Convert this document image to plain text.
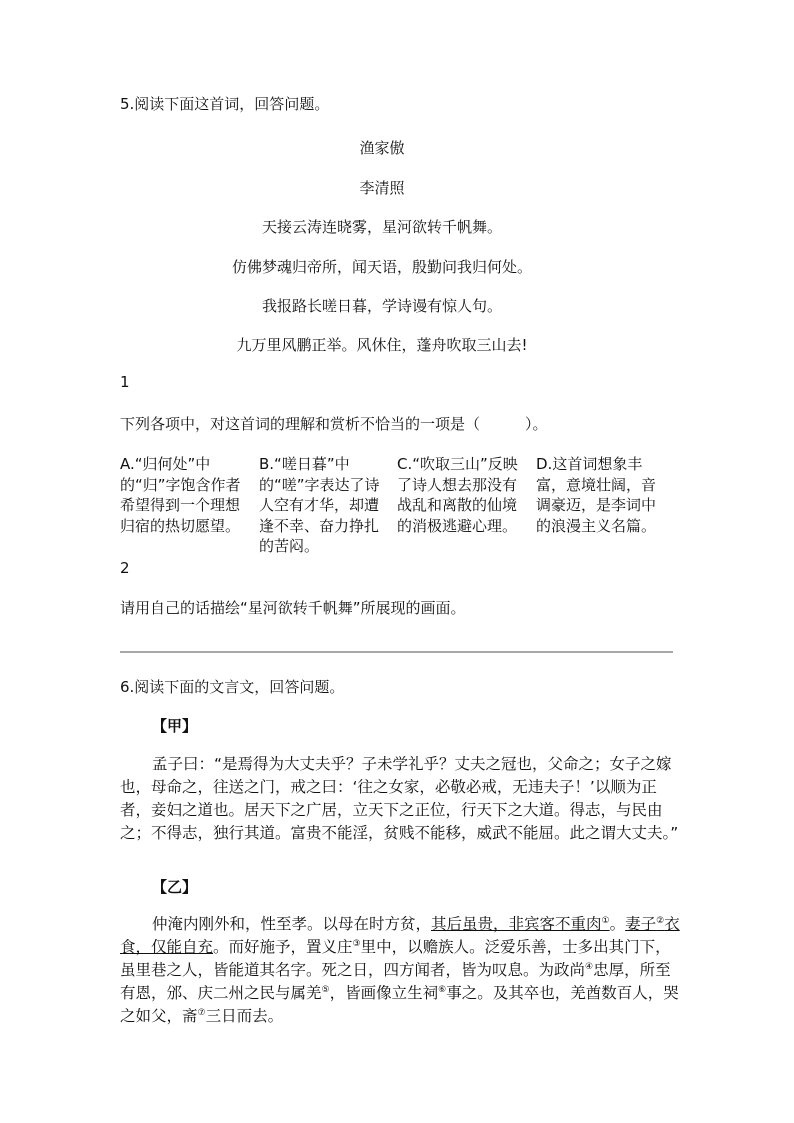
5.阅读下面这首词，回答问题。
渔家傲
李清照
天接云涛连晓雾，星河欲转千帆舞。
仿佛梦魂归帝所，闻天语，殷勤问我归何处。
我报路长嗟日暮，学诗谩有惊人句。
九万里风鹏正举。风休住，蓬舟吹取三山去!
1
下列各项中，对这首词的理解和赏析不恰当的一项是（　　　）。
A.“归何处”中的“归”字饱含作者希望得到一个理想归宿的热切愿望。
B.“嗟日暮”中的“嗟”字表达了诗人空有才华，却遭逢不幸、奋力挣扎的苦闷。
C.“吹取三山”反映了诗人想去那没有战乱和离散的仙境的消极逃避心理。
D.这首词想象丰富，意境壮阔，音调豪迈，是李词中的浪漫主义名篇。
2
请用自己的话描绘“星河欲转千帆舞”所展现的画面。
6.阅读下面的文言文，回答问题。
【甲】
孟子曰：“是焉得为大丈夫乎？子未学礼乎？丈夫之冠也，父命之；女子之嫁也，母命之，往送之门，戒之曰：‘往之女家，必敬必戒，无违夫子！’以顺为正者，妾妇之道也。居天下之广居，立天下之正位，行天下之大道。得志，与民由之；不得志，独行其道。富贵不能淫，贫贱不能移，威武不能屈。此之谓大丈夫。”
【乙】
仲淹内刚外和，性至孝。以母在时方贫，其后虽贵，非宾客不重肉①。妻子②衣食，仅能自充。而好施予，置义庄③里中，以赡族人。泛爱乐善，士多出其门下，虽里巷之人，皆能道其名字。死之日，四方闻者，皆为叹息。为政尚④忠厚，所至有恩，邠、庆二州之民与属羌⑤，皆画像立生祠⑥事之。及其卒也，羌酋数百人，哭之如父，斋⑦三日而去。
